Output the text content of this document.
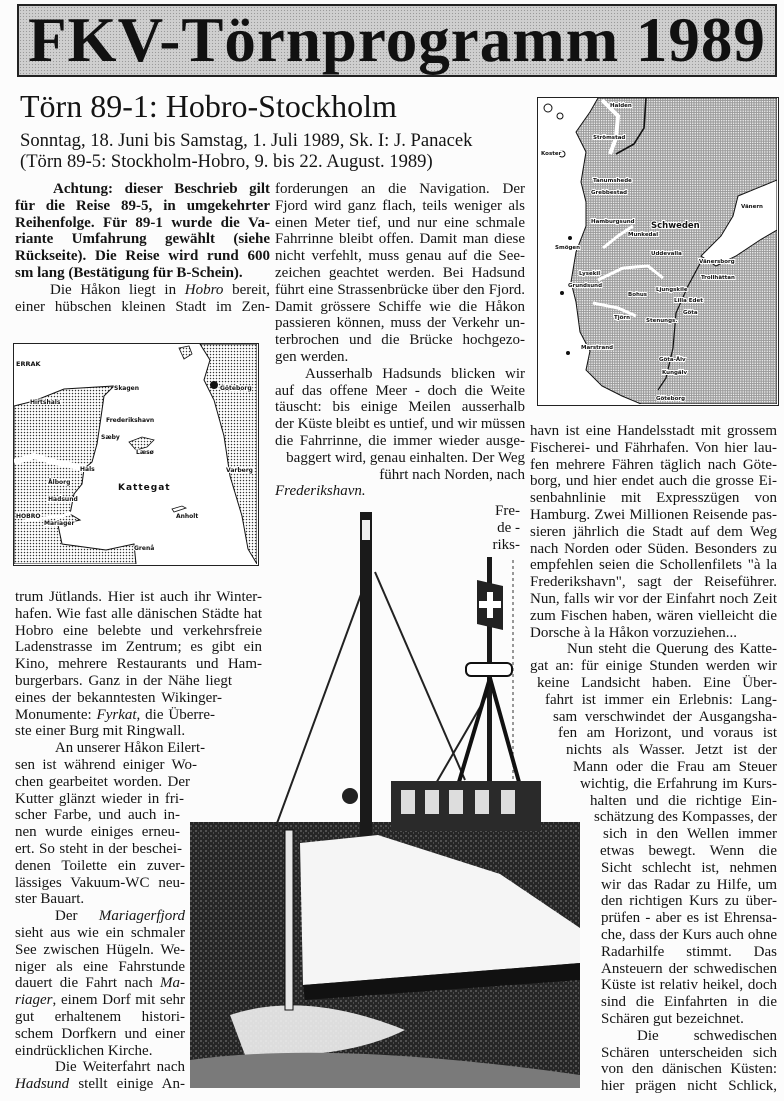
FKV-Törnprogramm 1989
Törn 89-1: Hobro-Stockholm
Sonntag, 18. Juni bis Samstag, 1. Juli 1989, Sk. I: J. Panacek
(Törn 89-5: Stockholm-Hobro, 9. bis 22. August. 1989)
Achtung: dieser Beschrieb gilt
für die Reise 89-5, in umgekehrter
Reihenfolge. Für 89-1 wurde die Va-
riante Umfahrung gewählt (siehe
Rückseite). Die Reise wird rund 600
sm lang (Bestätigung für B-Schein).
Die Håkon liegt in Hobro bereit,
einer hübschen kleinen Stadt im Zen-
trum Jütlands. Hier ist auch ihr Winter-
hafen. Wie fast alle dänischen Städte hat
Hobro eine belebte und verkehrsfreie
Ladenstrasse im Zentrum; es gibt ein
Kino, mehrere Restaurants und Ham-
burgerbars. Ganz in der Nähe liegt
eines der bekanntesten Wikinger-
Monumente: Fyrkat, die Überre-
ste einer Burg mit Ringwall.
An unserer Håkon Eilert-
sen ist während einiger Wo-
chen gearbeitet worden. Der
Kutter glänzt wieder in fri-
scher Farbe, und auch in-
nen wurde einiges erneu-
ert. So steht in der beschei-
denen Toilette ein zuver-
lässiges Vakuum-WC neu-
ster Bauart.
Der Mariagerfjord
sieht aus wie ein schmaler
See zwischen Hügeln. We-
niger als eine Fahrstunde
dauert die Fahrt nach Ma-
riager, einem Dorf mit sehr
gut erhaltenem histori-
schem Dorfkern und einer
eindrücklichen Kirche.
Die Weiterfahrt nach
Hadsund stellt einige An-
forderungen an die Navigation. Der
Fjord wird ganz flach, teils weniger als
einen Meter tief, und nur eine schmale
Fahrrinne bleibt offen. Damit man diese
nicht verfehlt, muss genau auf die See-
zeichen geachtet werden. Bei Hadsund
führt eine Strassenbrücke über den Fjord.
Damit grössere Schiffe wie die Håkon
passieren können, muss der Verkehr un-
terbrochen und die Brücke hochgezo-
gen werden.
Ausserhalb Hadsunds blicken wir
auf das offene Meer - doch die Weite
täuscht: bis einige Meilen ausserhalb
der Küste bleibt es untief, und wir müssen
die Fahrrinne, die immer wieder ausge-
baggert wird, genau einhalten. Der Weg
führt nach Norden, nach
Frederikshavn.
Fre-
de -
riks-
havn ist eine Handelsstadt mit grossem
Fischerei- und Fährhafen. Von hier lau-
fen mehrere Fähren täglich nach Göte-
borg, und hier endet auch die grosse Ei-
senbahnlinie mit Expresszügen von
Hamburg. Zwei Millionen Reisende pas-
sieren jährlich die Stadt auf dem Weg
nach Norden oder Süden. Besonders zu
empfehlen seien die Schollenfilets "à la
Frederikshavn", sagt der Reiseführer.
Nun, falls wir vor der Einfahrt noch Zeit
zum Fischen haben, wären vielleicht die
Dorsche à la Håkon vorzuziehen...
Nun steht die Querung des Katte-
gat an: für einige Stunden werden wir
keine Landsicht haben. Eine Über-
fahrt ist immer ein Erlebnis: Lang-
sam verschwindet der Ausgangsha-
fen am Horizont, und voraus ist
nichts als Wasser. Jetzt ist der
Mann oder die Frau am Steuer
wichtig, die Erfahrung im Kurs-
halten und die richtige Ein-
schätzung des Kompasses, der
sich in den Wellen immer
etwas bewegt. Wenn die
Sicht schlecht ist, nehmen
wir das Radar zu Hilfe, um
den richtigen Kurs zu über-
prüfen - aber es ist Ehrensa-
che, dass der Kurs auch ohne
Radarhilfe stimmt. Das
Ansteuern der schwedischen
Küste ist relativ heikel, doch
sind die Einfahrten in die
Schären gut bezeichnet.
Die schwedischen
Schären unterscheiden sich
von den dänischen Küsten:
hier prägen nicht Schlick,
ERRAK
Skagen
Hirtshals
Frederikshavn
Sæby
Læsø
Göteborg
Hals
Ålborg
Kattegat
Varberg
Hadsund
HOBRO
Mariager
Anholt
Grenå
Halden
Strömstad
Koster
Tanumshede
Grebbestad
Vänern
Hamburgsund Schweden
Munkedal
Smögen
Uddevalla
Vänersborg
Lysekil
Trollhättan
Grundsund
Bohus
Ljungskile
Lilla Edet
Göta
Tjörn	Stenungs.
Marstrand
Göta-Älv
Kungälv
Göteborg
